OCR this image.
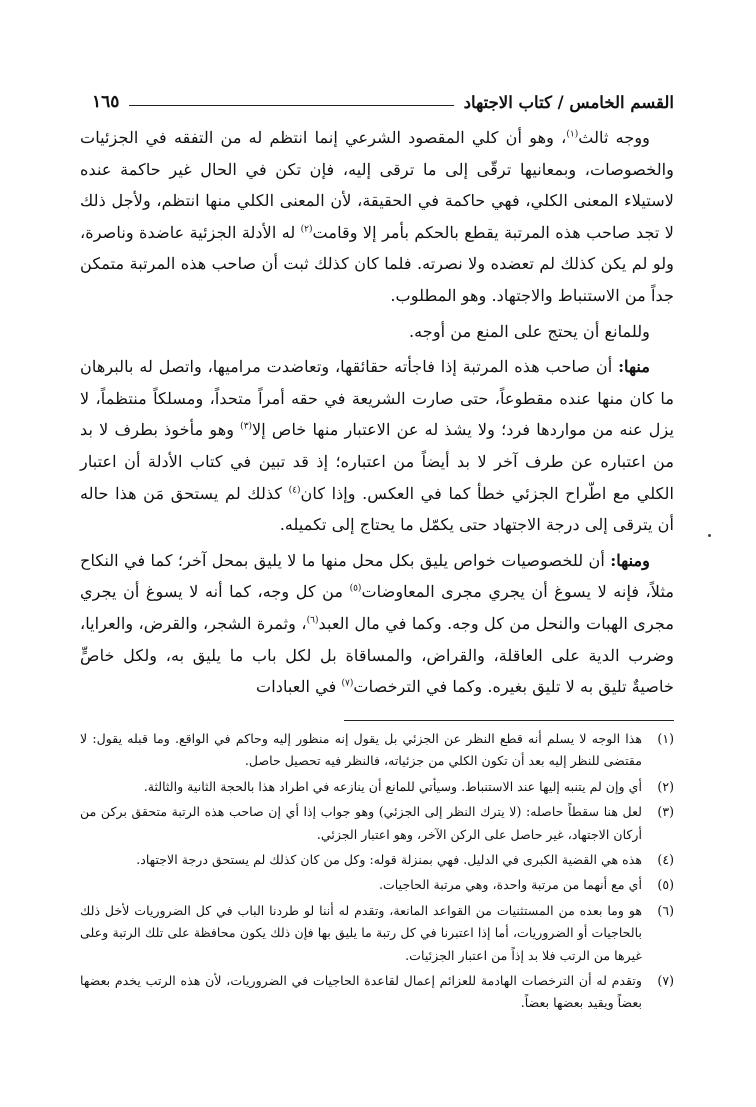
القسم الخامس / كتاب الاجتهاد
١٦٥

ووجه ثالث$^{(١)}$، وهو أن كلي المقصود الشرعي إنما انتظم له من التفقه في الجزئيات والخصوصات، وبمعانيها ترقّى إلى ما ترقى إليه، فإن تكن في الحال غير حاكمة عنده لاستيلاء المعنى الكلي، فهي حاكمة في الحقيقة، لأن المعنى الكلي منها انتظم، ولأجل ذلك لا تجد صاحب هذه المرتبة يقطع بالحكم بأمر إلا وقامت$^{(٢)}$ له الأدلة الجزئية عاضدة وناصرة، ولو لم يكن كذلك لم تعضده ولا نصرته. فلما كان كذلك ثبت أن صاحب هذه المرتبة متمكن جداً من الاستنباط والاجتهاد. وهو المطلوب.

وللمانع أن يحتج على المنع من أوجه.

منها: أن صاحب هذه المرتبة إذا فاجأته حقائقها، وتعاضدت مراميها، واتصل له بالبرهان ما كان منها عنده مقطوعاً، حتى صارت الشريعة في حقه أمراً متحداً، ومسلكاً منتظماً، لا يزل عنه من مواردها فرد؛ ولا يشذ له عن الاعتبار منها خاص إلا$^{(٣)}$ وهو مأخوذ بطرف لا بد من اعتباره عن طرف آخر لا بد أيضاً من اعتباره؛ إذ قد تبين في كتاب الأدلة أن اعتبار الكلي مع اطّراح الجزئي خطأ كما في العكس. وإذا كان$^{(٤)}$ كذلك لم يستحق مَن هذا حاله أن يترقى إلى درجة الاجتهاد حتى يكمّل ما يحتاج إلى تكميله.

ومنها: أن للخصوصيات خواص يليق بكل محل منها ما لا يليق بمحل آخر؛ كما في النكاح مثلاً، فإنه لا يسوغ أن يجري مجرى المعاوضات$^{(٥)}$ من كل وجه، كما أنه لا يسوغ أن يجري مجرى الهبات والنحل من كل وجه. وكما في مال العبد$^{(٦)}$، وثمرة الشجر، والقرض، والعرايا، وضرب الدية على العاقلة، والقراض، والمساقاة بل لكل باب ما يليق به، ولكل خاصٍّ خاصيةٌ تليق به لا تليق بغيره. وكما في الترخصات$^{(٧)}$ في العبادات

(١)
هذا الوجه لا يسلم أنه قطع النظر عن الجزئي بل يقول إنه منظور إليه وحاكم في الواقع. وما قبله يقول: لا مقتضى للنظر إليه بعد أن تكون الكلي من جزئياته، فالنظر فيه تحصيل حاصل.
(٢)
أي وإن لم يتنبه إليها عند الاستنباط. وسيأتي للمانع أن ينازعه في اطراد هذا بالحجة الثانية والثالثة.
(٣)
لعل هنا سقطاً حاصله: (لا يترك النظر إلى الجزئي) وهو جواب إذا أي إن صاحب هذه الرتبة متحقق بركن من أركان الاجتهاد، غير حاصل على الركن الآخر، وهو اعتبار الجزئي.
(٤)
هذه هي القضية الكبرى في الدليل. فهي بمنزلة قوله: وكل من كان كذلك لم يستحق درجة الاجتهاد.
(٥)
أي مع أنهما من مرتبة واحدة، وهي مرتبة الحاجيات.
(٦)
هو وما بعده من المستثنيات من القواعد المانعة، وتقدم له أننا لو طردنا الباب في كل الضروريات لأخل ذلك بالحاجيات أو الضروريات، أما إذا اعتبرنا في كل رتبة ما يليق بها فإن ذلك يكون محافظة على تلك الرتبة وعلى غيرها من الرتب فلا بد إذاً من اعتبار الجزئيات.
(٧)
وتقدم له أن الترخصات الهادمة للعزائم إعمال لقاعدة الحاجيات في الضروريات، لأن هذه الرتب يخدم بعضها بعضاً ويقيد بعضها بعضاً.
